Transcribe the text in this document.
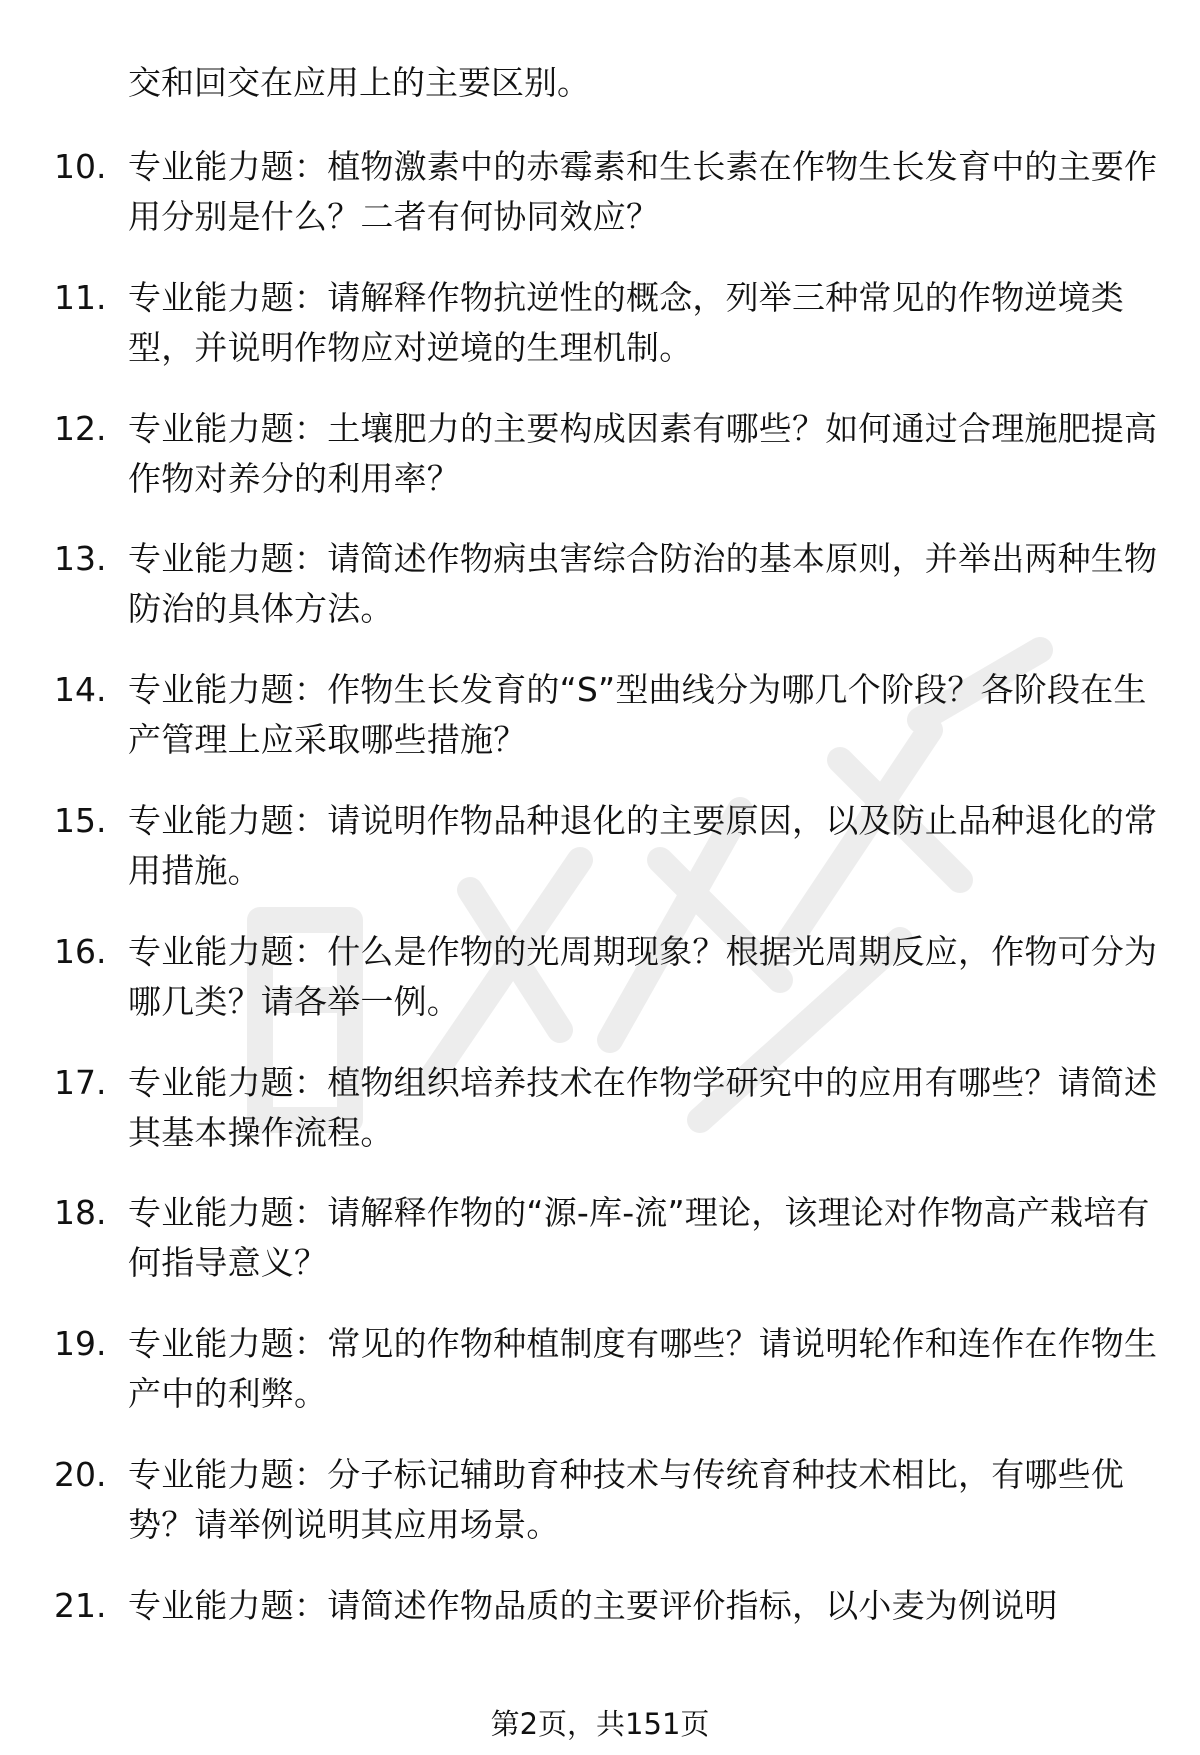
交和回交在应用上的主要区别。

10. 专业能力题：植物激素中的赤霉素和生长素在作物生长发育中的主要作用分别是什么？二者有何协同效应？
11. 专业能力题：请解释作物抗逆性的概念，列举三种常见的作物逆境类型，并说明作物应对逆境的生理机制。
12. 专业能力题：土壤肥力的主要构成因素有哪些？如何通过合理施肥提高作物对养分的利用率？
13. 专业能力题：请简述作物病虫害综合防治的基本原则，并举出两种生物防治的具体方法。
14. 专业能力题：作物生长发育的“S”型曲线分为哪几个阶段？各阶段在生产管理上应采取哪些措施？
15. 专业能力题：请说明作物品种退化的主要原因，以及防止品种退化的常用措施。
16. 专业能力题：什么是作物的光周期现象？根据光周期反应，作物可分为哪几类？请各举一例。
17. 专业能力题：植物组织培养技术在作物学研究中的应用有哪些？请简述其基本操作流程。
18. 专业能力题：请解释作物的“源-库-流”理论，该理论对作物高产栽培有何指导意义？
19. 专业能力题：常见的作物种植制度有哪些？请说明轮作和连作在作物生产中的利弊。
20. 专业能力题：分子标记辅助育种技术与传统育种技术相比，有哪些优势？请举例说明其应用场景。
21. 专业能力题：请简述作物品质的主要评价指标，以小麦为例说明
第2页，共151页
